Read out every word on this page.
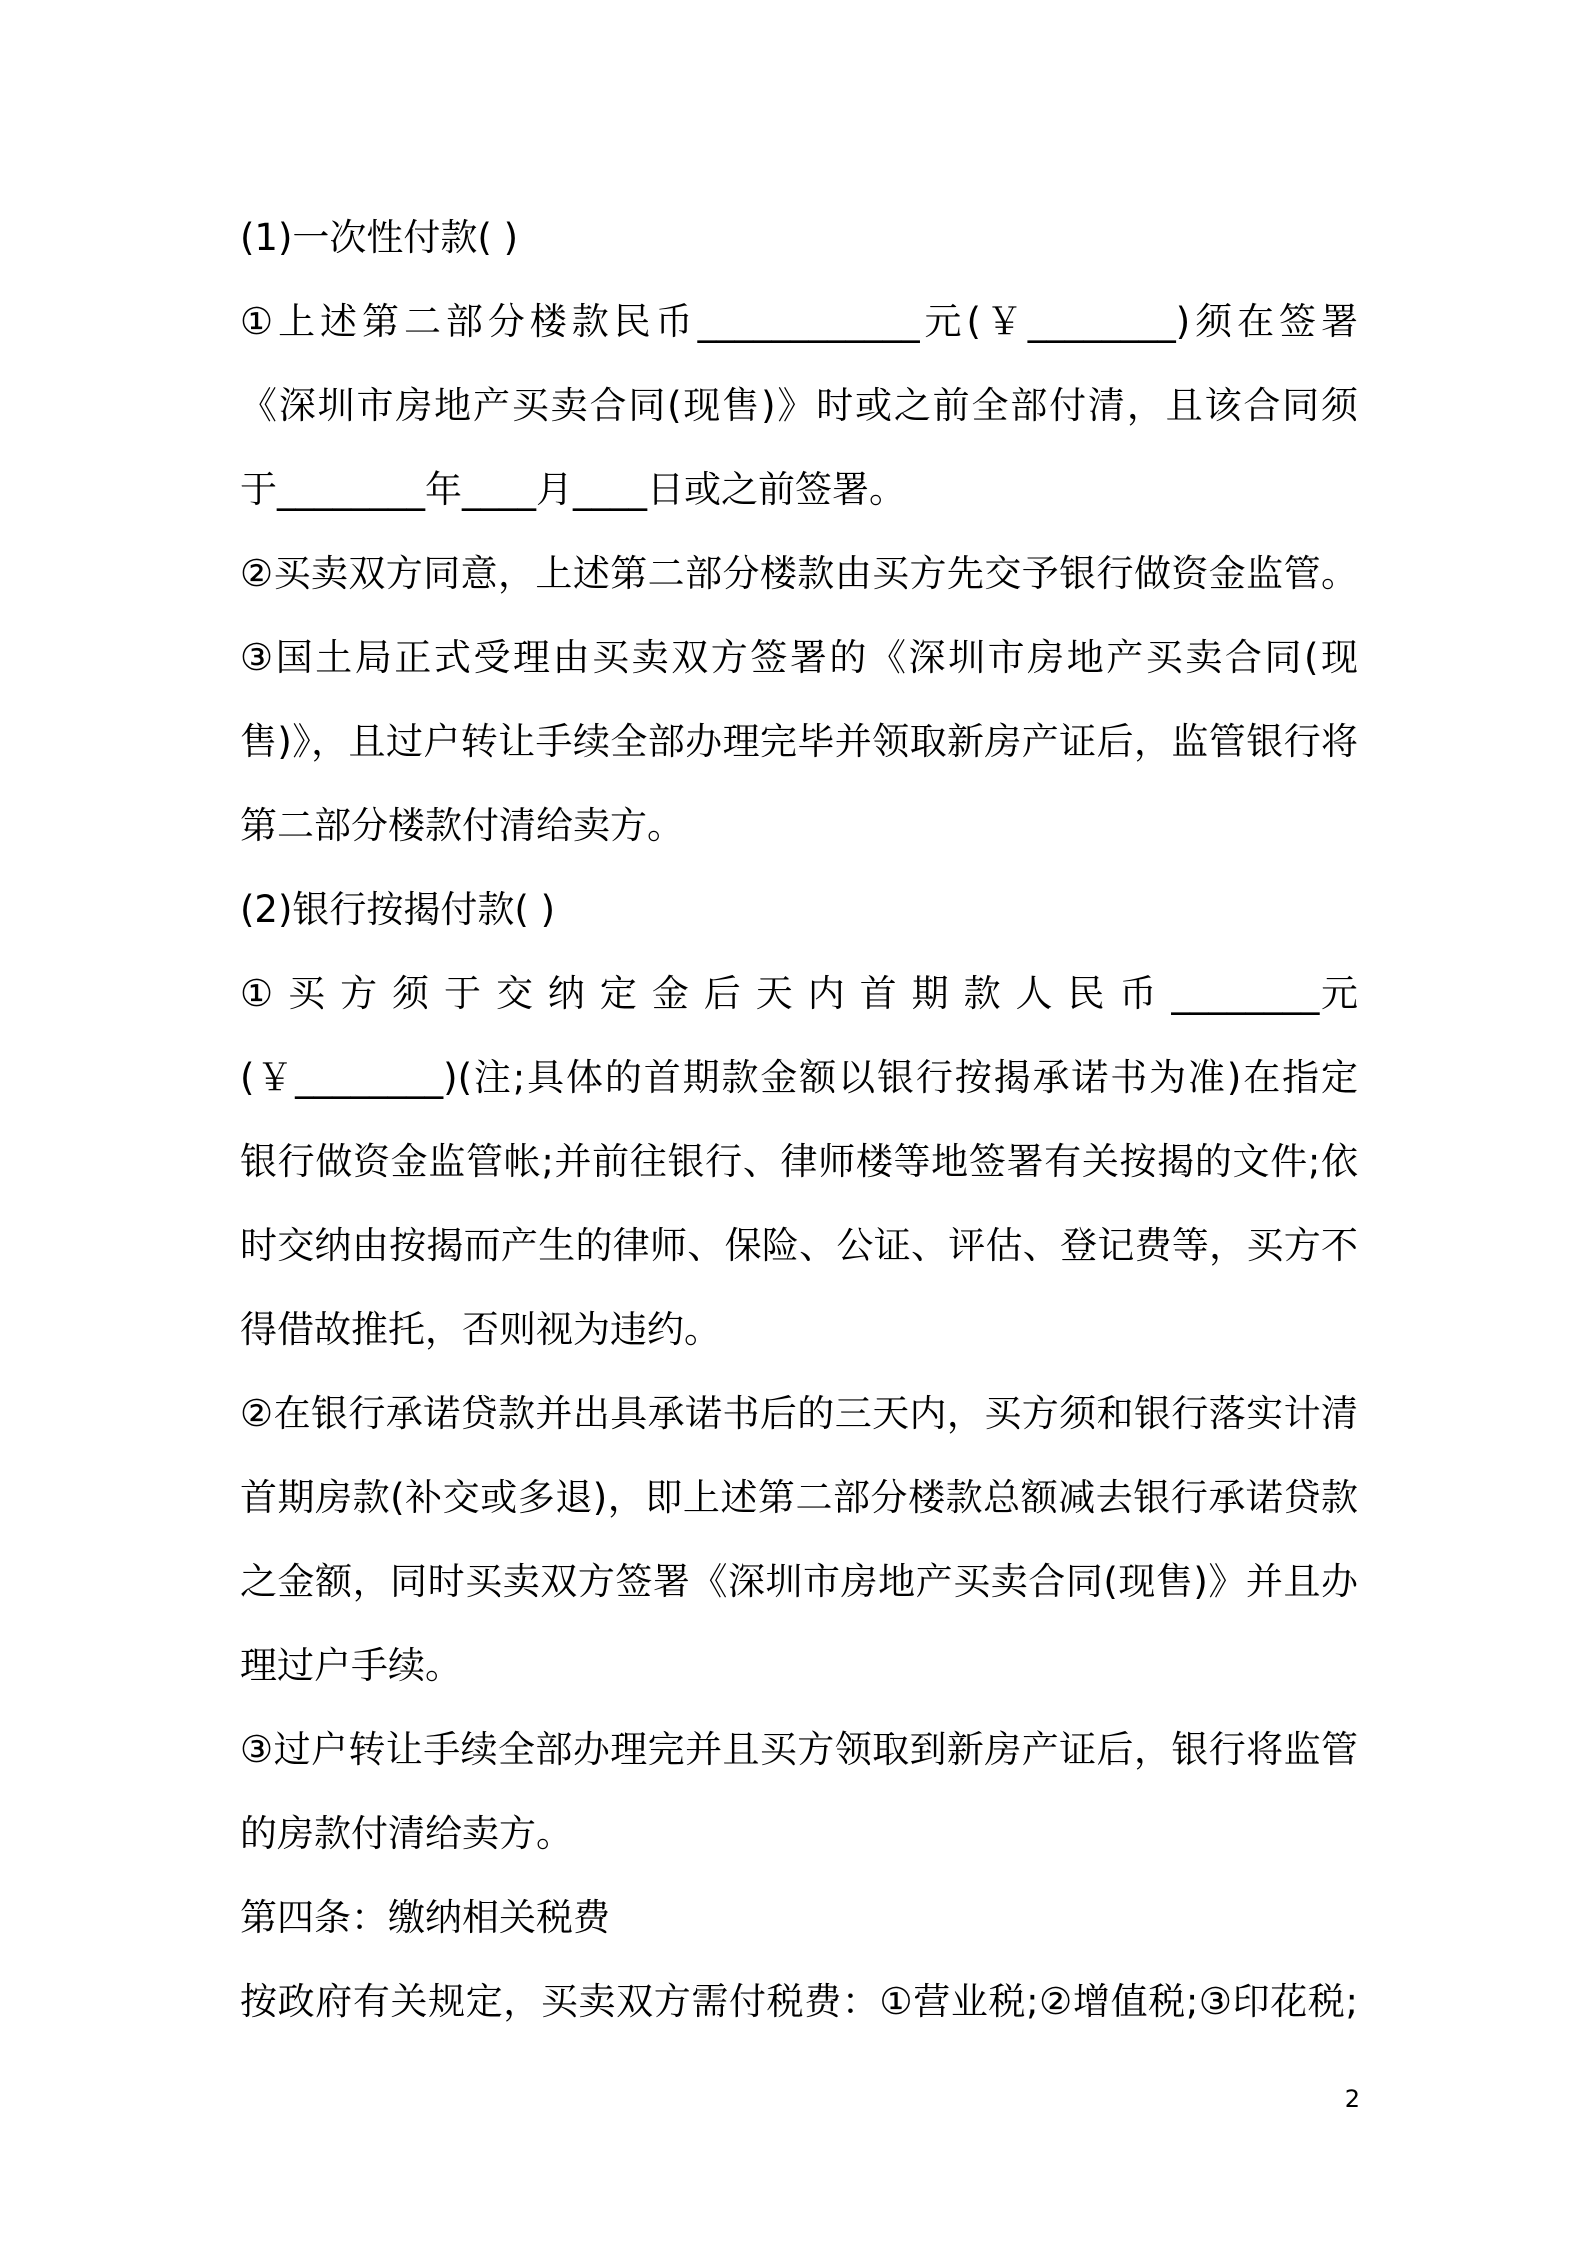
(1)一次性付款( )
①上述第二部分楼款民币____________元(￥________)须在签署
《深圳市房地产买卖合同(现售)》时或之前全部付清，且该合同须
于________年____月____日或之前签署。
②买卖双方同意，上述第二部分楼款由买方先交予银行做资金监管。
③国土局正式受理由买卖双方签署的《深圳市房地产买卖合同(现
售)》，且过户转让手续全部办理完毕并领取新房产证后，监管银行将
第二部分楼款付清给卖方。
(2)银行按揭付款( )
① 买 方 须 于 交 纳 定 金 后 天 内 首 期 款 人 民 币 ________元
(￥________)(注;具体的首期款金额以银行按揭承诺书为准)在指定
银行做资金监管帐;并前往银行、律师楼等地签署有关按揭的文件;依
时交纳由按揭而产生的律师、保险、公证、评估、登记费等，买方不
得借故推托，否则视为违约。
②在银行承诺贷款并出具承诺书后的三天内，买方须和银行落实计清
首期房款(补交或多退)，即上述第二部分楼款总额减去银行承诺贷款
之金额，同时买卖双方签署《深圳市房地产买卖合同(现售)》并且办
理过户手续。
③过户转让手续全部办理完并且买方领取到新房产证后，银行将监管
的房款付清给卖方。
第四条：缴纳相关税费
按政府有关规定，买卖双方需付税费：①营业税;②增值税;③印花税;
2
